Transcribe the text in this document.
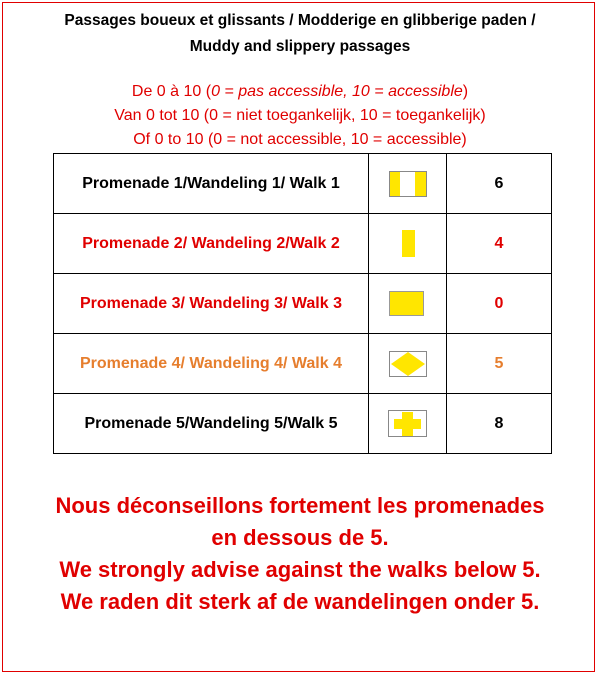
Passages boueux et glissants / Modderige en glibberige paden /
Muddy and slippery passages
De 0 à 10 (0 = pas accessible, 10 = accessible)
Van 0 tot 10 (0 = niet toegankelijk, 10 = toegankelijk)
Of 0 to 10 (0 = not accessible, 10 = accessible)
Promenade 1/Wandeling 1/ Walk 1		6
Promenade 2/ Wandeling 2/Walk 2		4
Promenade 3/ Wandeling 3/ Walk 3		0
Promenade 4/ Wandeling 4/ Walk 4		5
Promenade 5/Wandeling 5/Walk 5		8
Nous déconseillons fortement les promenades
en dessous de 5.
We strongly advise against the walks below 5.
We raden dit sterk af de wandelingen onder 5.
